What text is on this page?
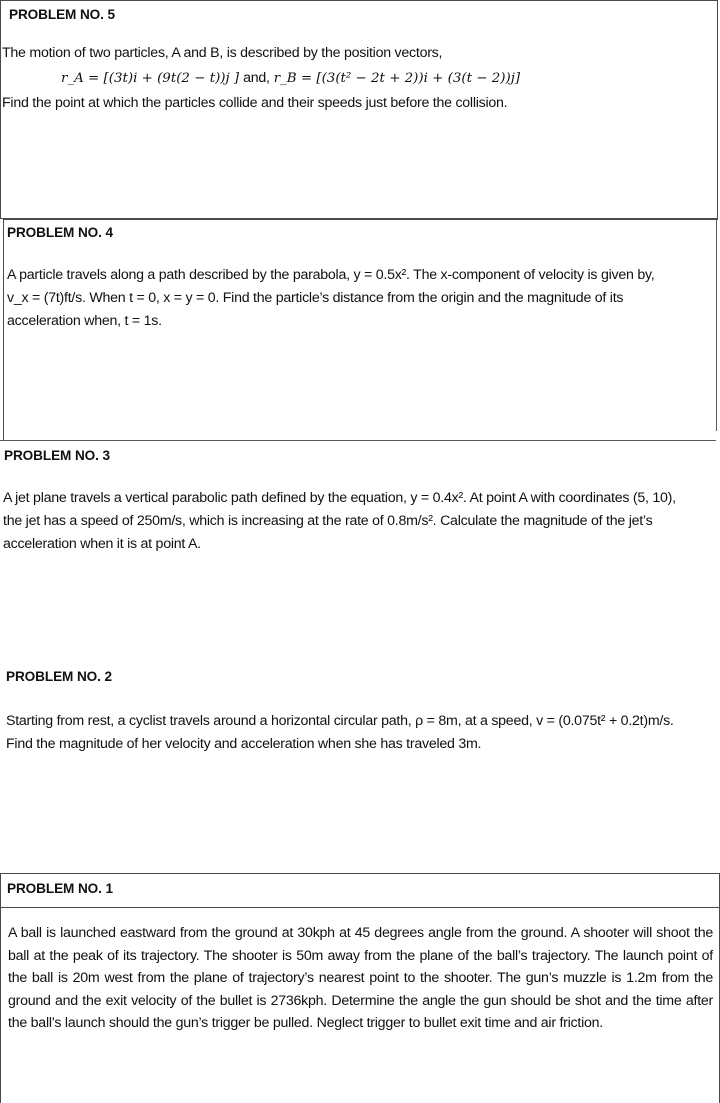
PROBLEM NO. 5
The motion of two particles, A and B, is described by the position vectors,
r_A = [(3t)i + (9t(2 − t))j ] and, r_B = [(3(t² − 2t + 2))i + (3(t − 2))j]
Find the point at which the particles collide and their speeds just before the collision.
PROBLEM NO. 4
A particle travels along a path described by the parabola, y = 0.5x². The x-component of velocity is given by,
v_x = (7t)ft/s. When t = 0, x = y = 0. Find the particle’s distance from the origin and the magnitude of its
acceleration when, t = 1s.
PROBLEM NO. 3
A jet plane travels a vertical parabolic path defined by the equation, y = 0.4x². At point A with coordinates (5, 10),
the jet has a speed of 250m/s, which is increasing at the rate of 0.8m/s². Calculate the magnitude of the jet’s
acceleration when it is at point A.
PROBLEM NO. 2
Starting from rest, a cyclist travels around a horizontal circular path, ρ = 8m, at a speed, v = (0.075t² + 0.2t)m/s.
Find the magnitude of her velocity and acceleration when she has traveled 3m.
PROBLEM NO. 1
A ball is launched eastward from the ground at 30kph at 45 degrees angle from the ground. A shooter will shoot the ball at the peak of its trajectory. The shooter is 50m away from the plane of the ball’s trajectory. The launch point of the ball is 20m west from the plane of trajectory’s nearest point to the shooter. The gun’s muzzle is 1.2m from the ground and the exit velocity of the bullet is 2736kph. Determine the angle the gun should be shot and the time after the ball’s launch should the gun’s trigger be pulled. Neglect trigger to bullet exit time and air friction.
